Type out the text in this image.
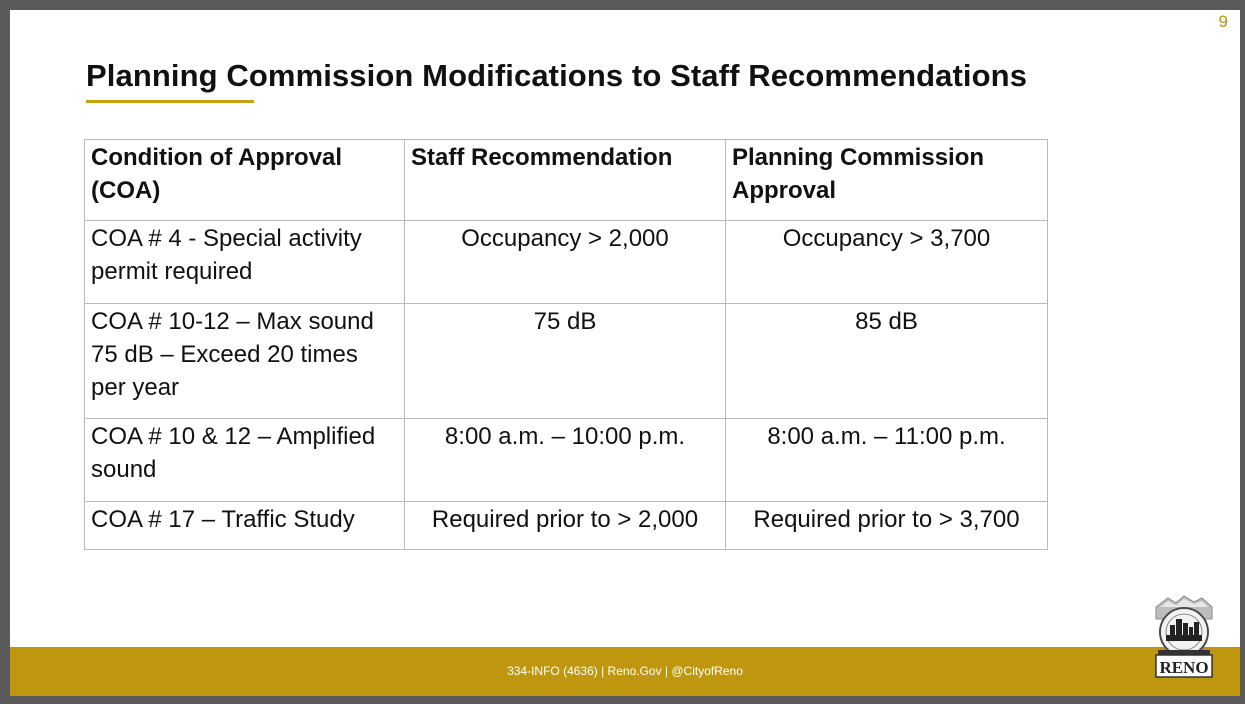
9
Planning Commission Modifications to Staff Recommendations
Condition of Approval (COA)	Staff Recommendation	Planning Commission Approval
COA # 4 - Special activity permit required	Occupancy > 2,000	Occupancy > 3,700
COA # 10-12 – Max sound 75 dB – Exceed 20 times per year	75 dB	85 dB
COA # 10 & 12 – Amplified sound	8:00 a.m. – 10:00 p.m.	8:00 a.m. – 11:00 p.m.
COA # 17 – Traffic Study	Required prior to > 2,000	Required prior to > 3,700
334-INFO (4636) | Reno.Gov | @CityofReno	RENO
